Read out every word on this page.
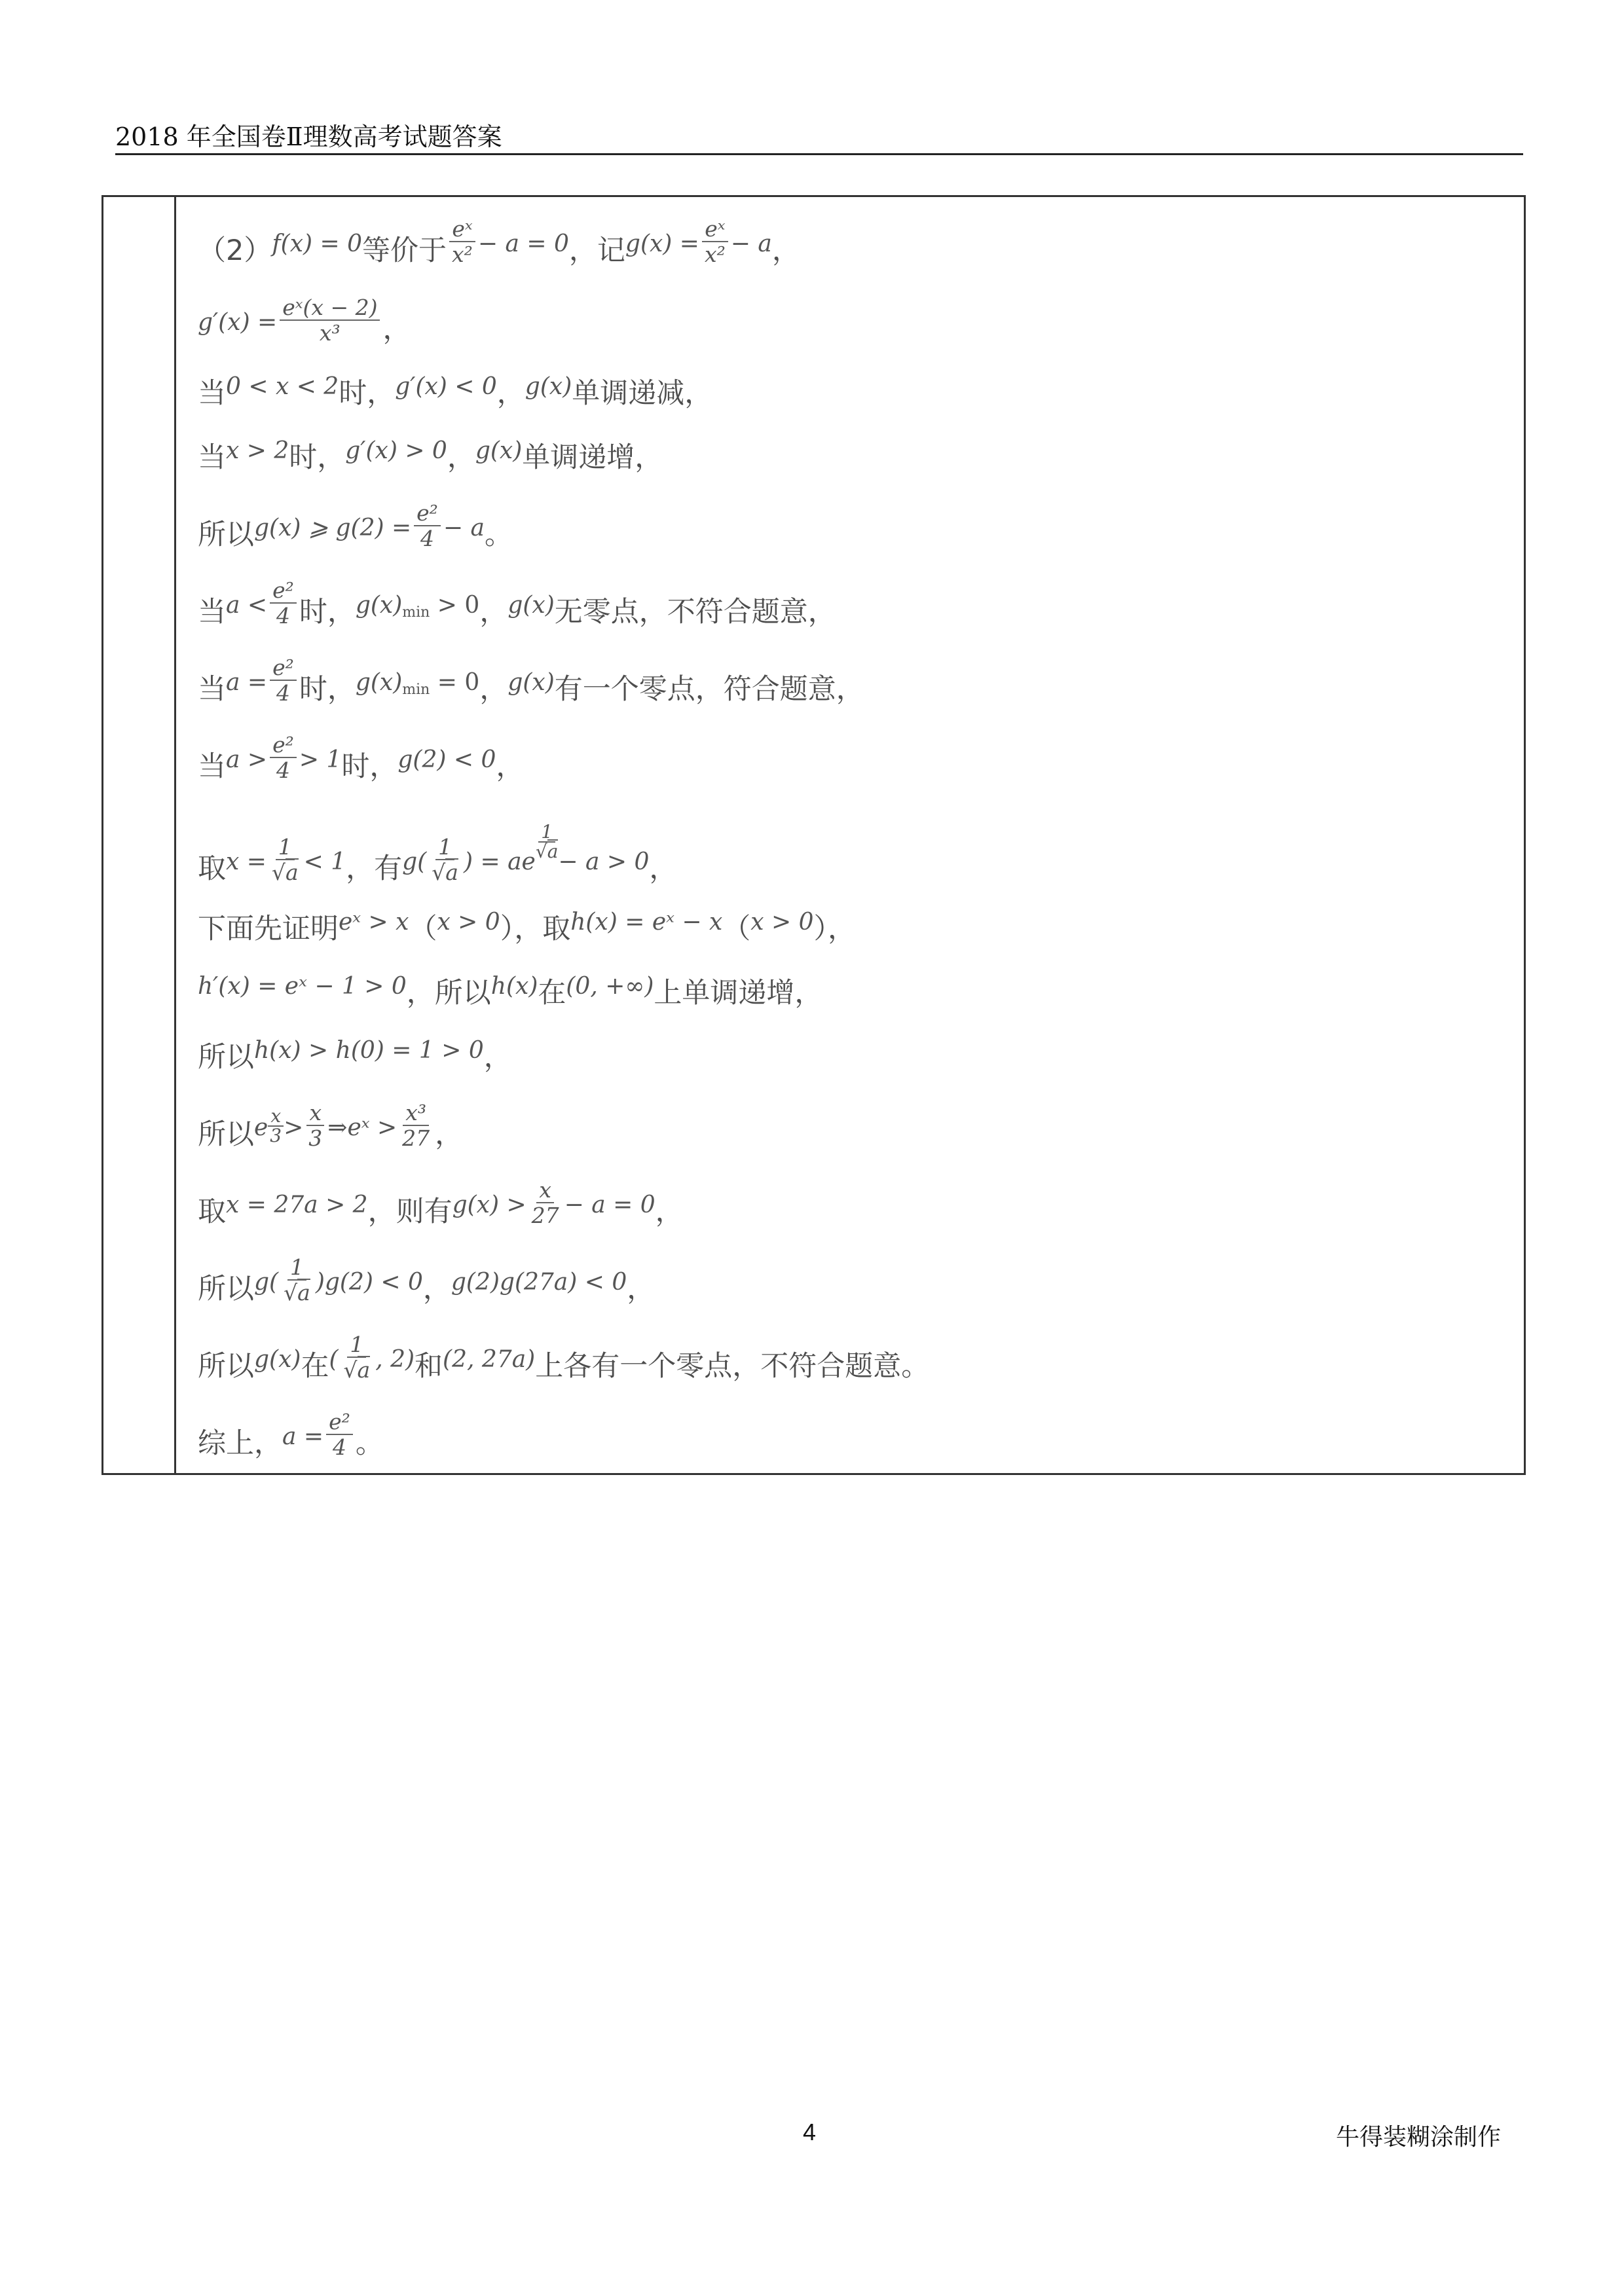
2018 年全国卷Ⅱ理数高考试题答案
（2） f(x) = 0 等价于 $\frac{\text{eˣ}}{\text{x²}} - a = 0$ ，记 $g(x) = \frac{\text{eˣ}}{\text{x²}} - a$ ，
$g'(x) = \frac{\text{eˣ(x − 2)}}{\text{x³}}$ ，
当 0 < x < 2 时， g′(x) < 0 ， g(x) 单调递减，
当 x > 2 时， g′(x) > 0 ， g(x) 单调递增，
所以 g(x) ⩾ $g(2) = \frac{\text{e²}}{4} - a$ 。
当 $a < \frac{\text{e²}}{4}$ 时， g(x)min > 0 ， g(x) 无零点，不符合题意，
当 $a = \frac{\text{e²}}{4}$ 时， g(x)min = 0 ， g(x) 有一个零点，符合题意，
当 $a > \frac{\text{e²}}{4} > 1$ 时， g(2) < 0 ，
取 $x = \frac{1}{√a} < 1$ ，有 $g( \frac{1}{√a}$ ) = ae
$\frac{1}{√a}$
− a > 0 ，
下面先证明 eˣ > x （ x > 0 ），取 h(x) = eˣ − x （ x > 0 ），
h′(x) = eˣ − 1 > 0 ，所以 h(x) 在 (0, +∞) 上单调递增，
所以 h(x) > h(0) = 1 > 0 ，
所以 e $\frac{x}{3} > \frac{x}{3}$ ⇒eˣ > $\frac{\text{x³}}{27}$ ，
取 x = 27a > 2 ，则有 $g(x) > \frac{x}{27} - a = 0$ ，
所以 $g( \frac{1}{√a} )g(2) < 0$ ， g(2)g(27a) < 0 ，
所以 g(x) 在 ( $\frac{1}{√a}$ , 2) 和 (2, 27a) 上各有一个零点，不符合题意。
综上， $a = \frac{\text{e²}}{4}$ 。
4	牛得装糊涂制作
